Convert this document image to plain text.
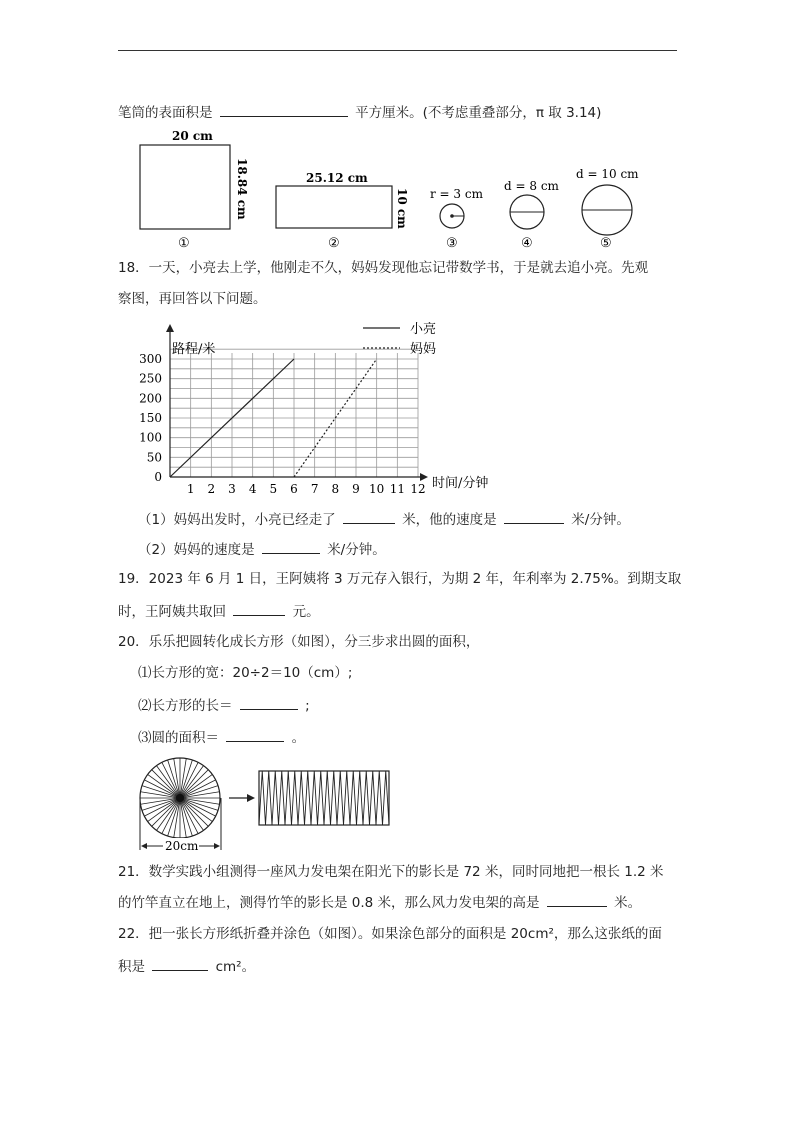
笔筒的表面积是	平方厘米。(不考虑重叠部分，π 取 3.14)
20 cm
18.84 cm
①
25.12 cm
10 cm
②
r = 3 cm
③
d = 8 cm
④
d = 10 cm
⑤
18．一天，小亮去上学，他刚走不久，妈妈发现他忘记带数学书，于是就去追小亮。先观
察图，再回答以下问题。
0
50
100
150
200
250
300
1 2 3 4 5 6 7 8 9 10 11 12
路程/米
时间/分钟
小亮
妈妈
（1）妈妈出发时，小亮已经走了	米，他的速度是	米/分钟。
（2）妈妈的速度是	米/分钟。
19．2023 年 6 月 1 日，王阿姨将 3 万元存入银行，为期 2 年，年利率为 2.75%。到期支取
时，王阿姨共取回	元。
20．乐乐把圆转化成长方形（如图），分三步求出圆的面积，
⑴长方形的宽：20÷2＝10（cm）;
⑵长方形的长＝	;
⑶圆的面积＝	。
20cm
21．数学实践小组测得一座风力发电架在阳光下的影长是 72 米，同时同地把一根长 1.2 米
的竹竿直立在地上，测得竹竿的影长是 0.8 米，那么风力发电架的高是	米。
22．把一张长方形纸折叠并涂色（如图）。如果涂色部分的面积是 20cm²，那么这张纸的面
积是	cm²。
